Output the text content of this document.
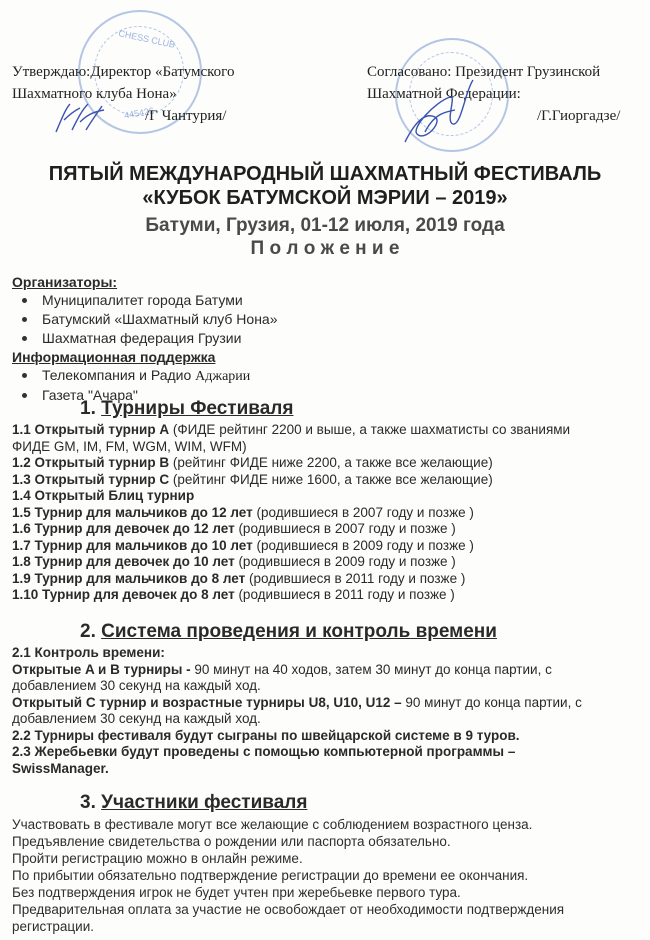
CHESS CLUB
445426
Утверждаю:Директор «Батумского
Шахматного клуба Нона»
/Г Чантурия/
Согласовано: Президент Грузинской
Шахматной Федерации:
/Г.Гиоргадзе/
ПЯТЫЙ МЕЖДУНАРОДНЫЙ ШАХМАТНЫЙ ФЕСТИВАЛЬ
«КУБОК БАТУМСКОЙ МЭРИИ – 2019»
Батуми, Грузия, 01-12 июля, 2019 года
П о л о ж е н и е
Организаторы:
Муниципалитет города Батуми
Батумский «Шахматный клуб Нона»
Шахматная федерация Грузии
Информационная поддержка
Телекомпания и Радио Аджарии
Газета "Ачара"
1. Турниры Фестиваля
1.1 Открытый турнир A (ФИДЕ рейтинг 2200 и выше, а также шахматисты со званиями
ФИДЕ GM, IM, FM, WGM, WIM, WFM)
1.2 Открытый турнир B (рейтинг ФИДЕ ниже 2200, а также все желающие)
1.3 Открытый турнир C (рейтинг ФИДЕ ниже 1600, а также все желающие)
1.4 Открытый Блиц турнир
1.5 Турнир для мальчиков до 12 лет (родившиеся в 2007 году и позже )
1.6 Турнир для девочек до 12 лет (родившиеся в 2007 году и позже )
1.7 Турнир для мальчиков до 10 лет (родившиеся в 2009 году и позже )
1.8 Турнир для девочек до 10 лет (родившиеся в 2009 году и позже )
1.9 Турнир для мальчиков до 8 лет (родившиеся в 2011 году и позже )
1.10 Турнир для девочек до 8 лет (родившиеся в 2011 году и позже )
2. Система проведения и контроль времени
2.1 Контроль времени:
Открытые A и B турниры - 90 минут на 40 ходов, затем 30 минут до конца партии, с
добавлением 30 секунд на каждый ход.
Открытый С турнир и возрастные турниры U8, U10, U12 – 90 минут до конца партии, с
добавлением 30 секунд на каждый ход.
2.2 Турниры фестиваля будут сыграны по швейцарской системе в 9 туров.
2.3 Жеребьевки будут проведены с помощью компьютерной программы –
SwissManager.
3. Участники фестиваля
Участвовать в фестивале могут все желающие с соблюдением возрастного ценза.
Предъявление свидетельства о рождении или паспорта обязательно.
Пройти регистрацию можно в онлайн режиме.
По прибытии обязательно подтверждение регистрации до времени ее окончания.
Без подтверждения игрок не будет учтен при жеребьевке первого тура.
Предварительная оплата за участие не освобождает от необходимости подтверждения
регистрации.
